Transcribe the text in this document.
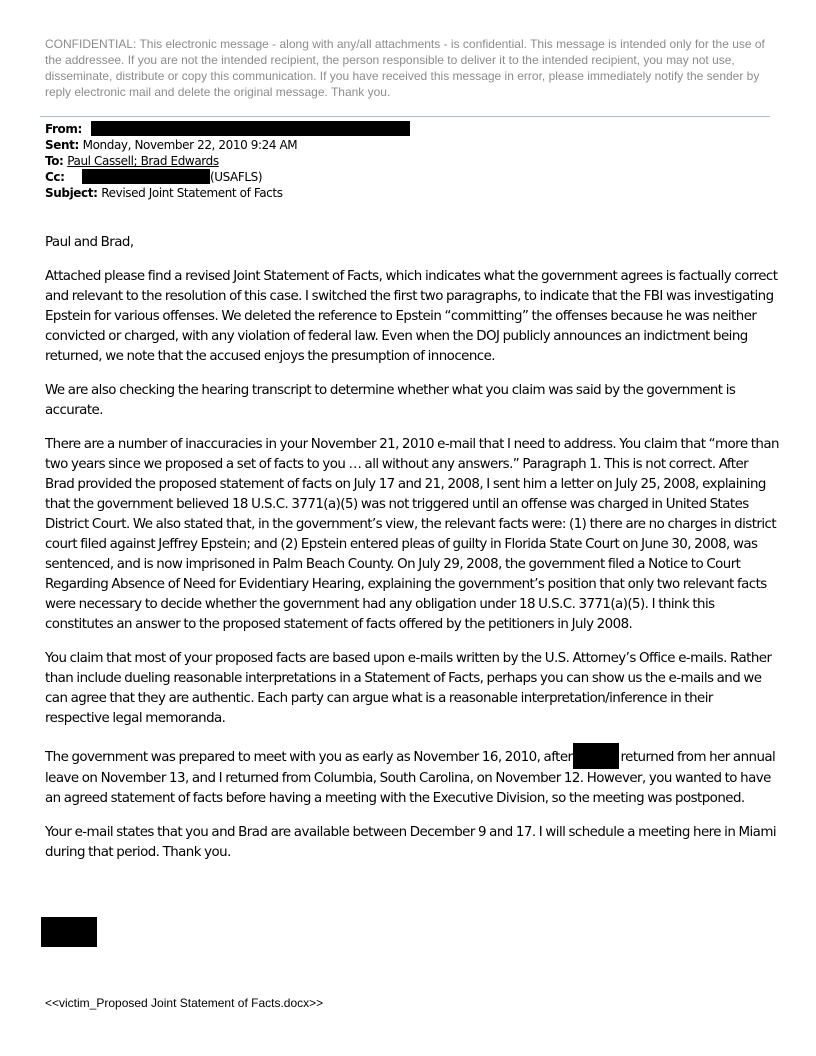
CONFIDENTIAL: This electronic message - along with any/all attachments - is confidential. This message is intended only for the use of the addressee. If you are not the intended recipient, the person responsible to deliver it to the intended recipient, you may not use, disseminate, distribute or copy this communication. If you have received this message in error, please immediately notify the sender by reply electronic mail and delete the original message. Thank you.

From:
Sent: Monday, November 22, 2010 9:24 AM
To: Paul Cassell; Brad Edwards
Cc:	(USAFLS)
Subject: Revised Joint Statement of Facts

Paul and Brad,

Attached please find a revised Joint Statement of Facts, which indicates what the government agrees is factually correct and relevant to the resolution of this case. I switched the first two paragraphs, to indicate that the FBI was investigating Epstein for various offenses. We deleted the reference to Epstein “committing” the offenses because he was neither convicted or charged, with any violation of federal law. Even when the DOJ publicly announces an indictment being returned, we note that the accused enjoys the presumption of innocence.

We are also checking the hearing transcript to determine whether what you claim was said by the government is accurate.

There are a number of inaccuracies in your November 21, 2010 e-mail that I need to address. You claim that “more than two years since we proposed a set of facts to you … all without any answers.” Paragraph 1. This is not correct. After Brad provided the proposed statement of facts on July 17 and 21, 2008, I sent him a letter on July 25, 2008, explaining that the government believed 18 U.S.C. 3771(a)(5) was not triggered until an offense was charged in United States District Court. We also stated that, in the government’s view, the relevant facts were: (1) there are no charges in district court filed against Jeffrey Epstein; and (2) Epstein entered pleas of guilty in Florida State Court on June 30, 2008, was sentenced, and is now imprisoned in Palm Beach County. On July 29, 2008, the government filed a Notice to Court Regarding Absence of Need for Evidentiary Hearing, explaining the government’s position that only two relevant facts were necessary to decide whether the government had any obligation under 18 U.S.C. 3771(a)(5). I think this constitutes an answer to the proposed statement of facts offered by the petitioners in July 2008.

You claim that most of your proposed facts are based upon e-mails written by the U.S. Attorney’s Office e-mails. Rather than include dueling reasonable interpretations in a Statement of Facts, perhaps you can show us the e-mails and we can agree that they are authentic. Each party can argue what is a reasonable interpretation/inference in their respective legal memoranda.

The government was prepared to meet with you as early as November 16, 2010, after	returned from her annual leave on November 13, and I returned from Columbia, South Carolina, on November 12. However, you wanted to have an agreed statement of facts before having a meeting with the Executive Division, so the meeting was postponed.

Your e-mail states that you and Brad are available between December 9 and 17. I will schedule a meeting here in Miami during that period. Thank you.

<<victim_Proposed Joint Statement of Facts.docx>>
